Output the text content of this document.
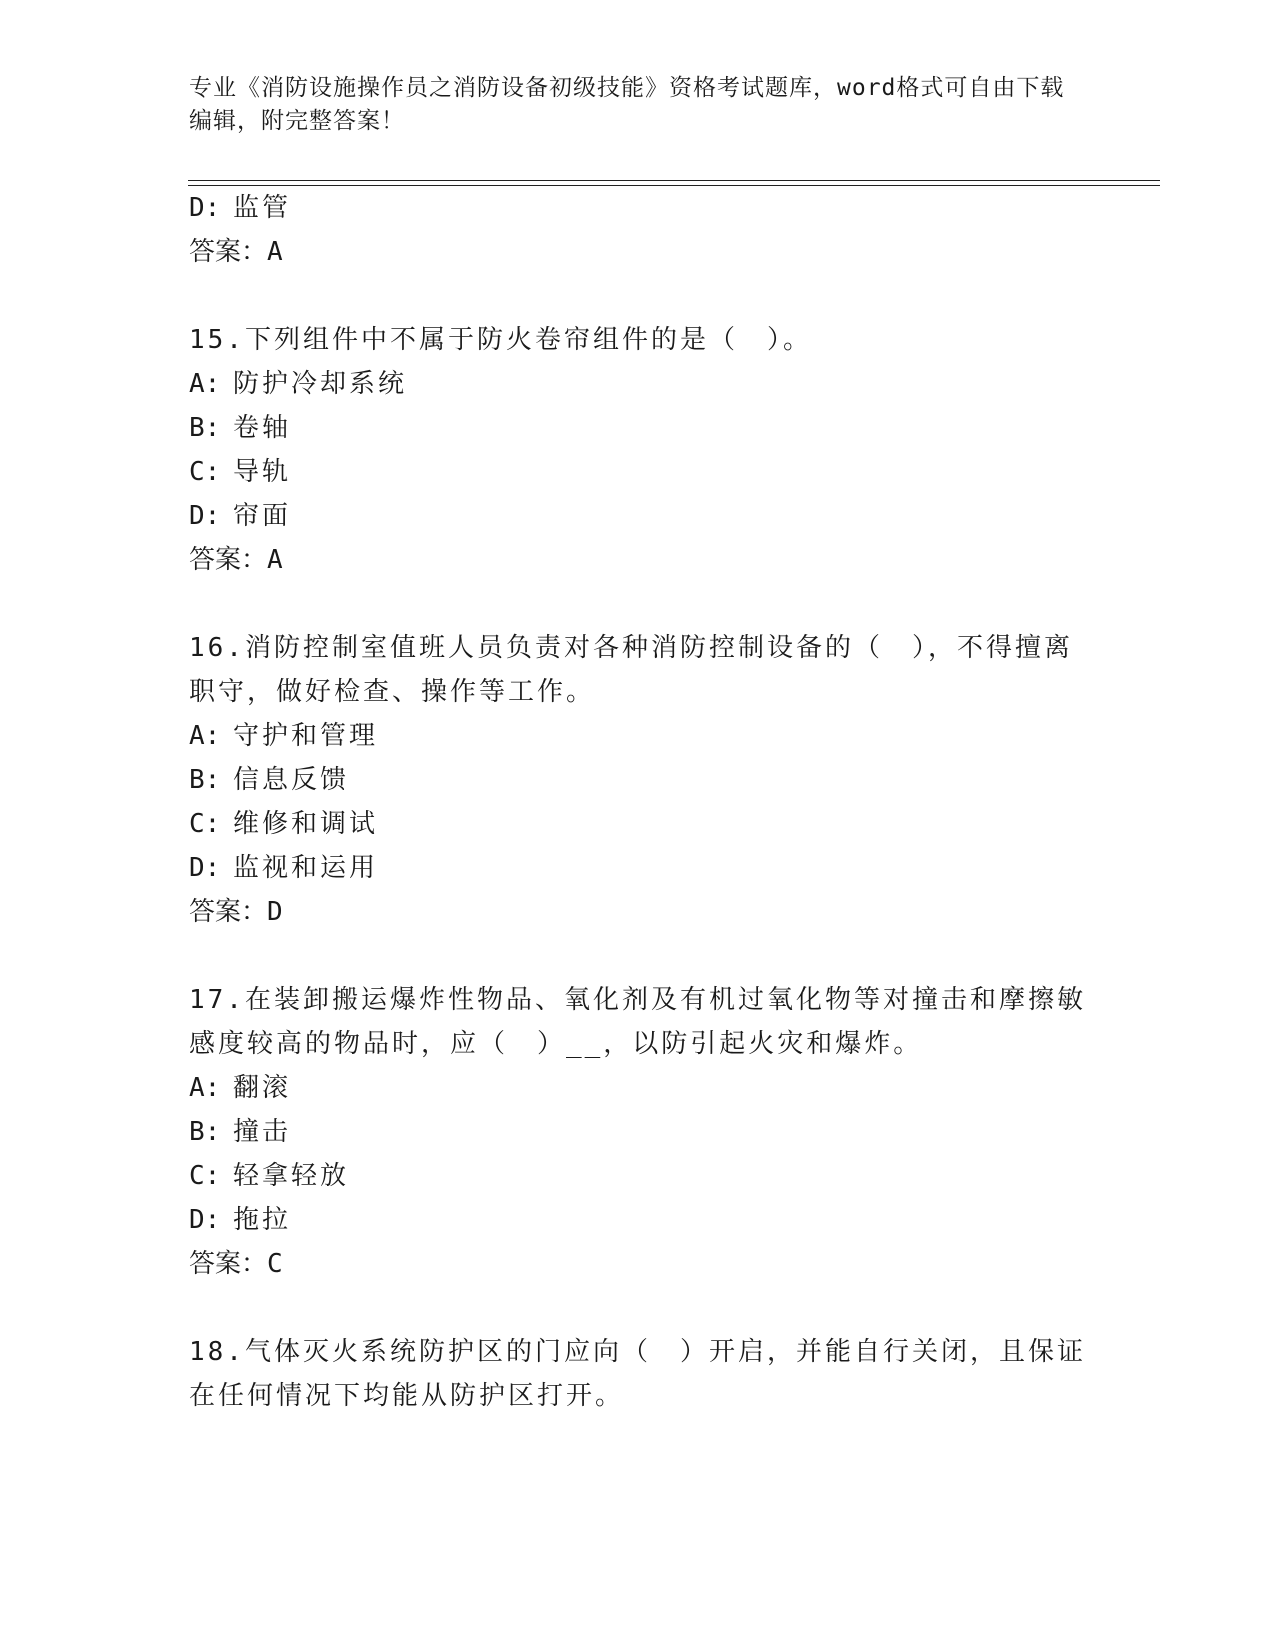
专业《消防设施操作员之消防设备初级技能》资格考试题库，word格式可自由下载编辑，附完整答案！
D: 监管
答案：A
15.下列组件中不属于防火卷帘组件的是（　）。
A: 防护冷却系统
B: 卷轴
C: 导轨
D: 帘面
答案：A
16.消防控制室值班人员负责对各种消防控制设备的（　），不得擅离
职守，做好检查、操作等工作。
A: 守护和管理
B: 信息反馈
C: 维修和调试
D: 监视和运用
答案：D
17.在装卸搬运爆炸性物品、氧化剂及有机过氧化物等对撞击和摩擦敏
感度较高的物品时，应（　）__，以防引起火灾和爆炸。
A: 翻滚
B: 撞击
C: 轻拿轻放
D: 拖拉
答案：C
18.气体灭火系统防护区的门应向（　）开启，并能自行关闭，且保证
在任何情况下均能从防护区打开。
